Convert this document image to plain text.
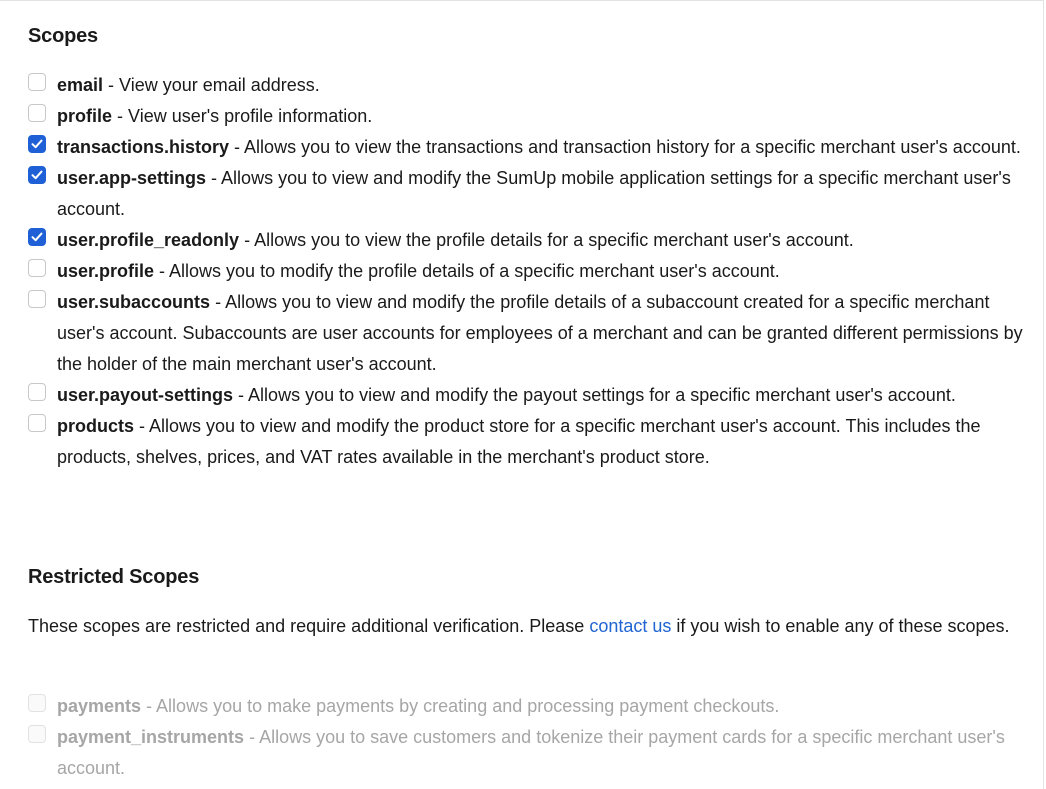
Scopes
email - View your email address.
profile - View user's profile information.
transactions.history - Allows you to view the transactions and transaction history for a specific merchant user's account.
user.app-settings - Allows you to view and modify the SumUp mobile application settings for a specific merchant user's account.
user.profile_readonly - Allows you to view the profile details for a specific merchant user's account.
user.profile - Allows you to modify the profile details of a specific merchant user's account.
user.subaccounts - Allows you to view and modify the profile details of a subaccount created for a specific merchant user's account. Subaccounts are user accounts for employees of a merchant and can be granted different permissions by the holder of the main merchant user's account.
user.payout-settings - Allows you to view and modify the payout settings for a specific merchant user's account.
products - Allows you to view and modify the product store for a specific merchant user's account. This includes the products, shelves, prices, and VAT rates available in the merchant's product store.
Restricted Scopes

These scopes are restricted and require additional verification. Please contact us if you wish to enable any of these scopes.

payments - Allows you to make payments by creating and processing payment checkouts.
payment_instruments - Allows you to save customers and tokenize their payment cards for a specific merchant user's account.
